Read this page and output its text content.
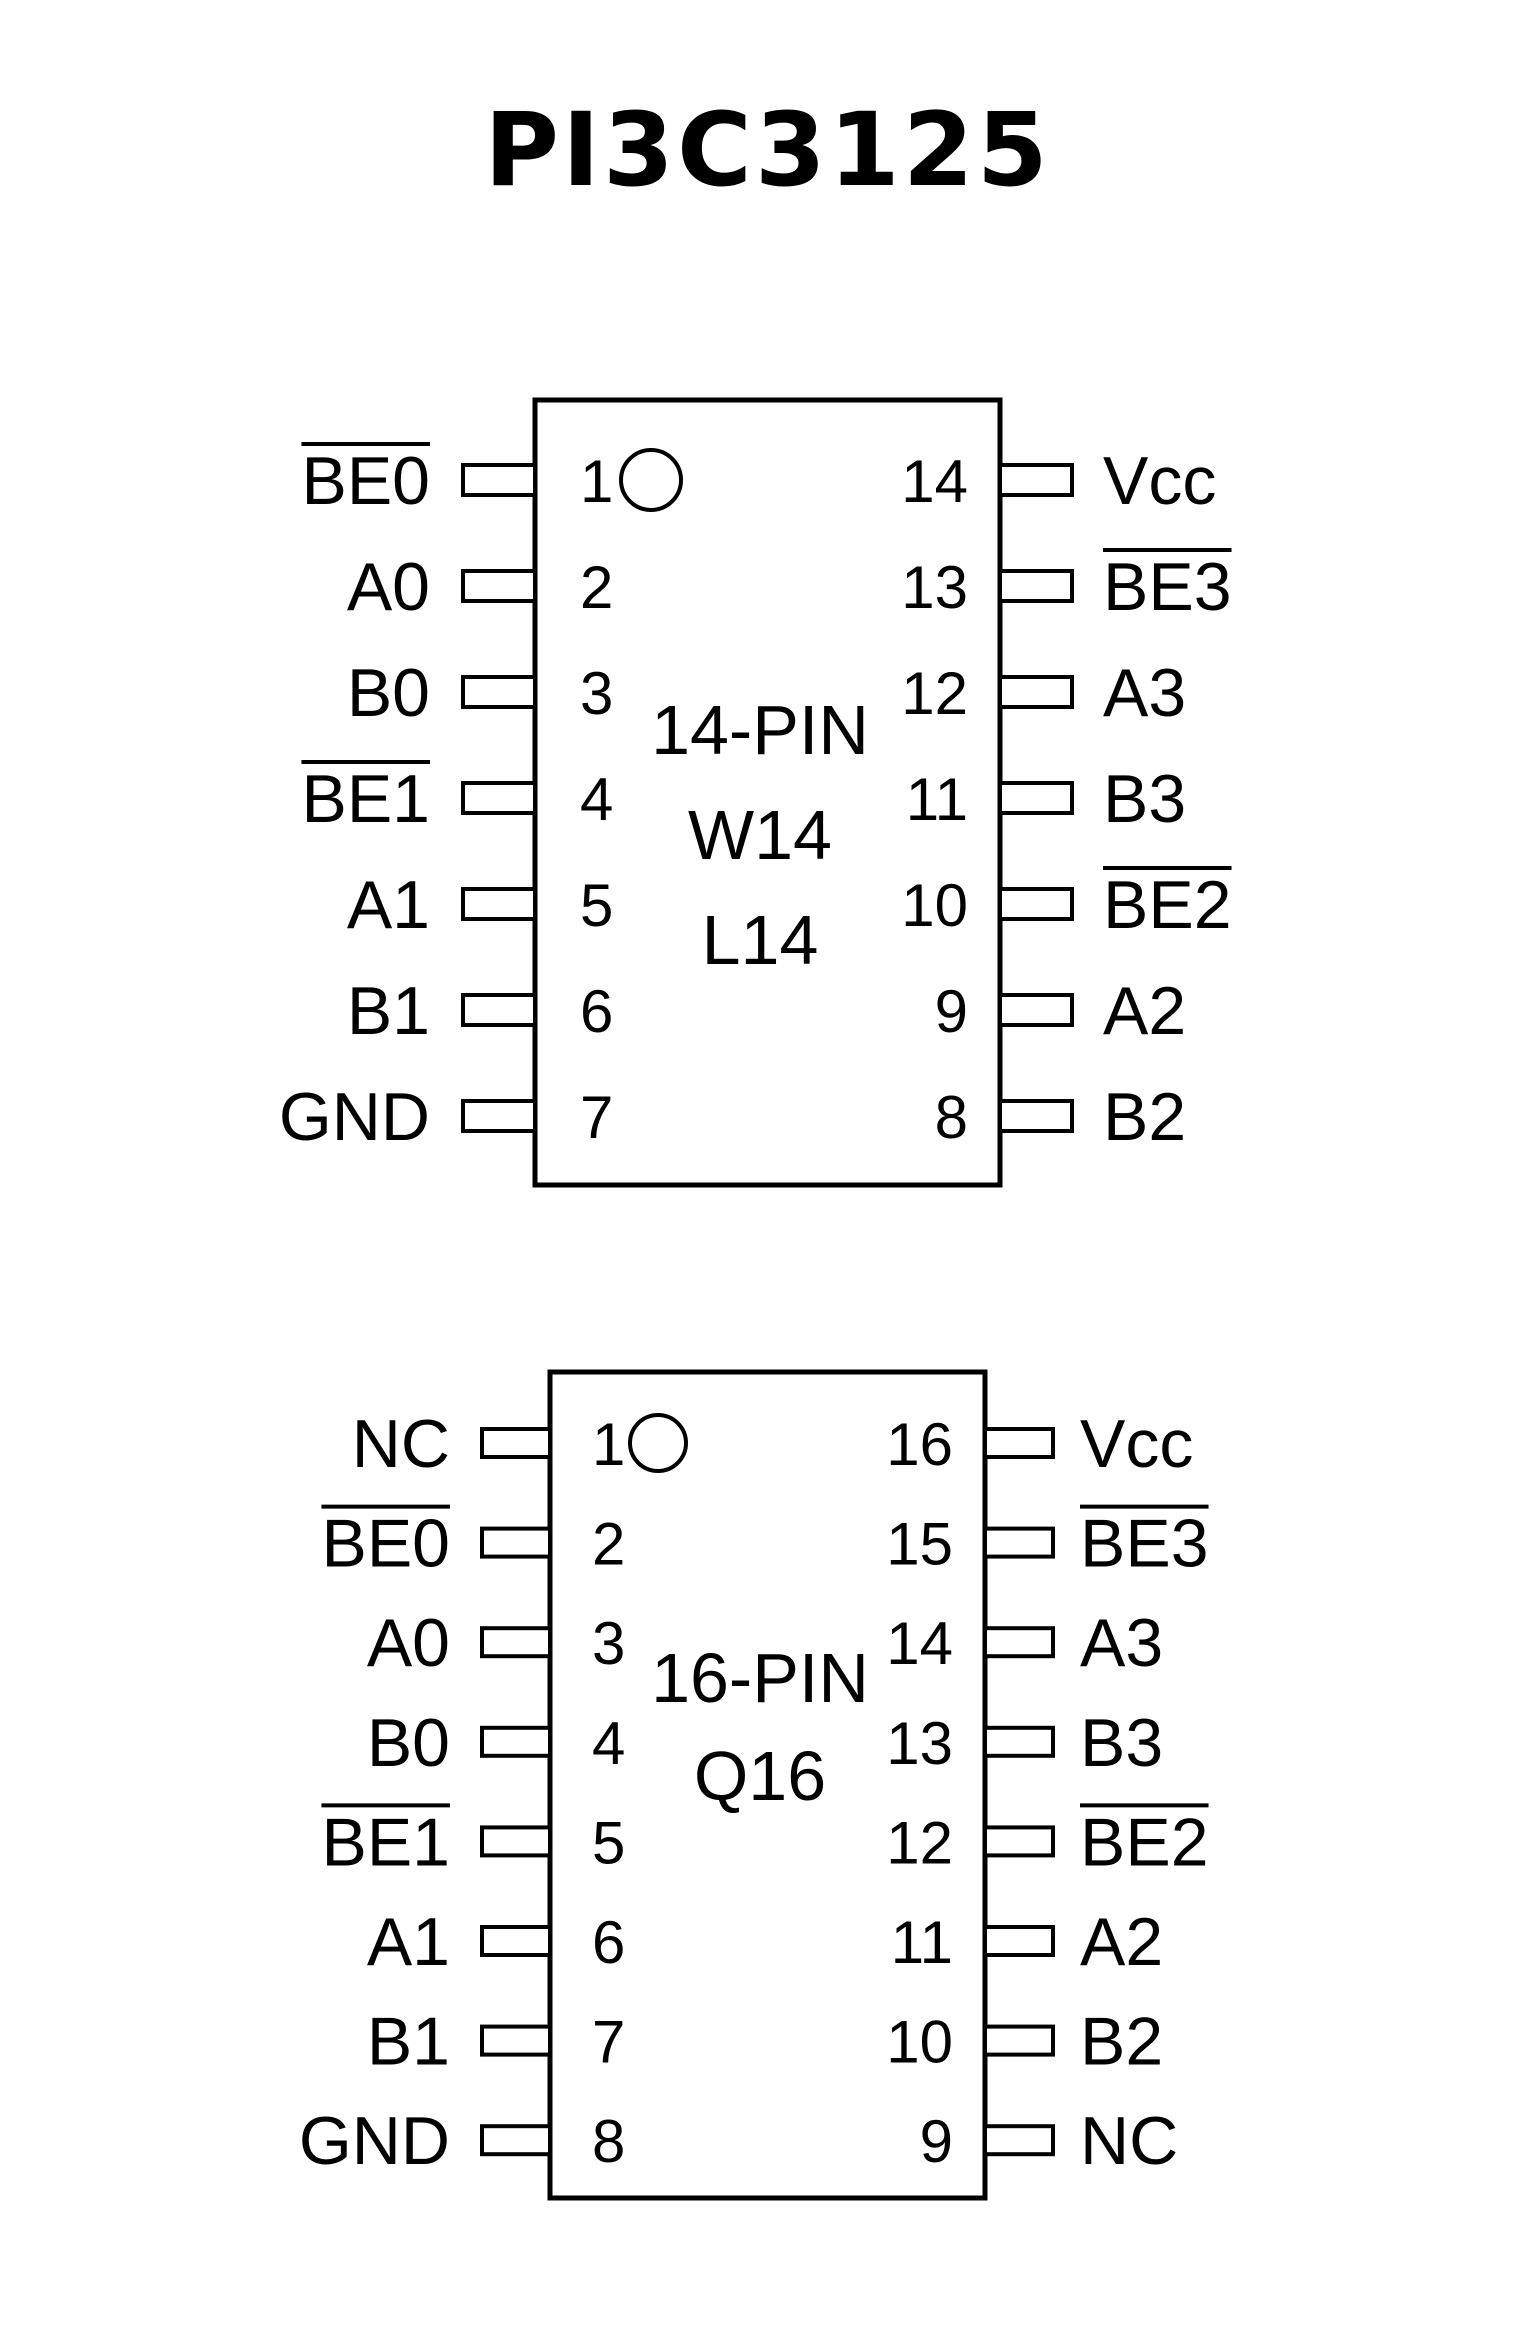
PI3C3125
14-PIN
W14
L14
1
BE0
2
A0
3
B0
4
BE1
5
A1
6
B1
7
GND
14 Vcc
13 BE3
12 A3
11 B3
10 BE2
9 A2
8 B2
16-PIN
Q16
1
NC
2
BE0
3
A0
4
B0
5
BE1
6
A1
7
B1
8
GND
16 Vcc
15 BE3
14 A3
13 B3
12 BE2
11 A2
10 B2
9 NC
